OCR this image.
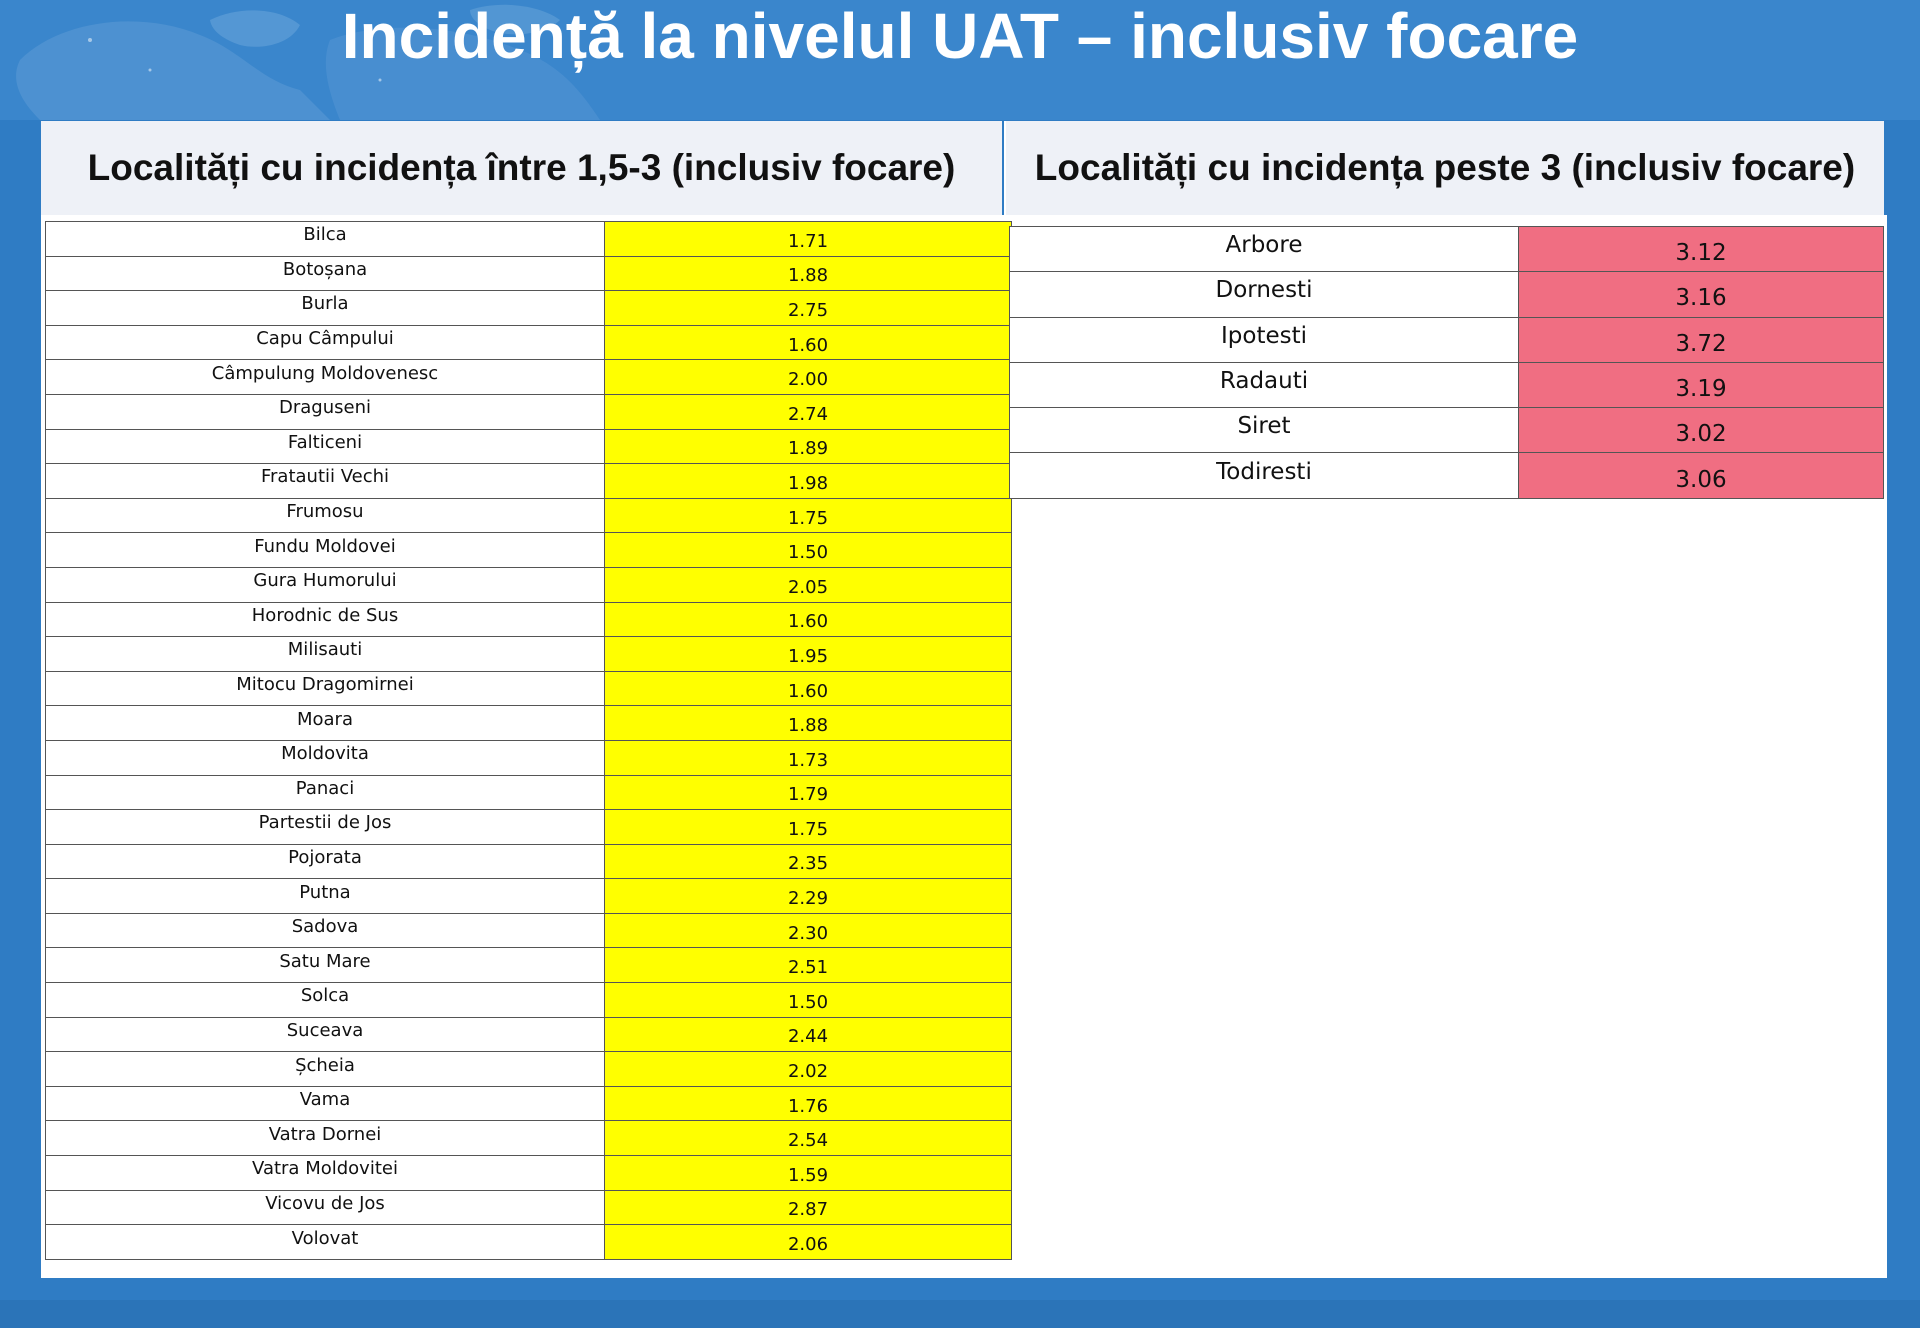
Incidență la nivelul UAT – inclusiv focare
Localități cu incidența între 1,5-3 (inclusiv focare)	Localități cu incidența peste 3 (inclusiv focare)
Bilca	1.71
Botoșana	1.88
Burla	2.75
Capu Câmpului	1.60
Câmpulung Moldovenesc	2.00
Draguseni	2.74
Falticeni	1.89
Fratautii Vechi	1.98
Frumosu	1.75
Fundu Moldovei	1.50
Gura Humorului	2.05
Horodnic de Sus	1.60
Milisauti	1.95
Mitocu Dragomirnei	1.60
Moara	1.88
Moldovita	1.73
Panaci	1.79
Partestii de Jos	1.75
Pojorata	2.35
Putna	2.29
Sadova	2.30
Satu Mare	2.51
Solca	1.50
Suceava	2.44
Șcheia	2.02
Vama	1.76
Vatra Dornei	2.54
Vatra Moldovitei	1.59
Vicovu de Jos	2.87
Volovat	2.06
Arbore	3.12
Dornesti	3.16
Ipotesti	3.72
Radauti	3.19
Siret	3.02
Todiresti	3.06
